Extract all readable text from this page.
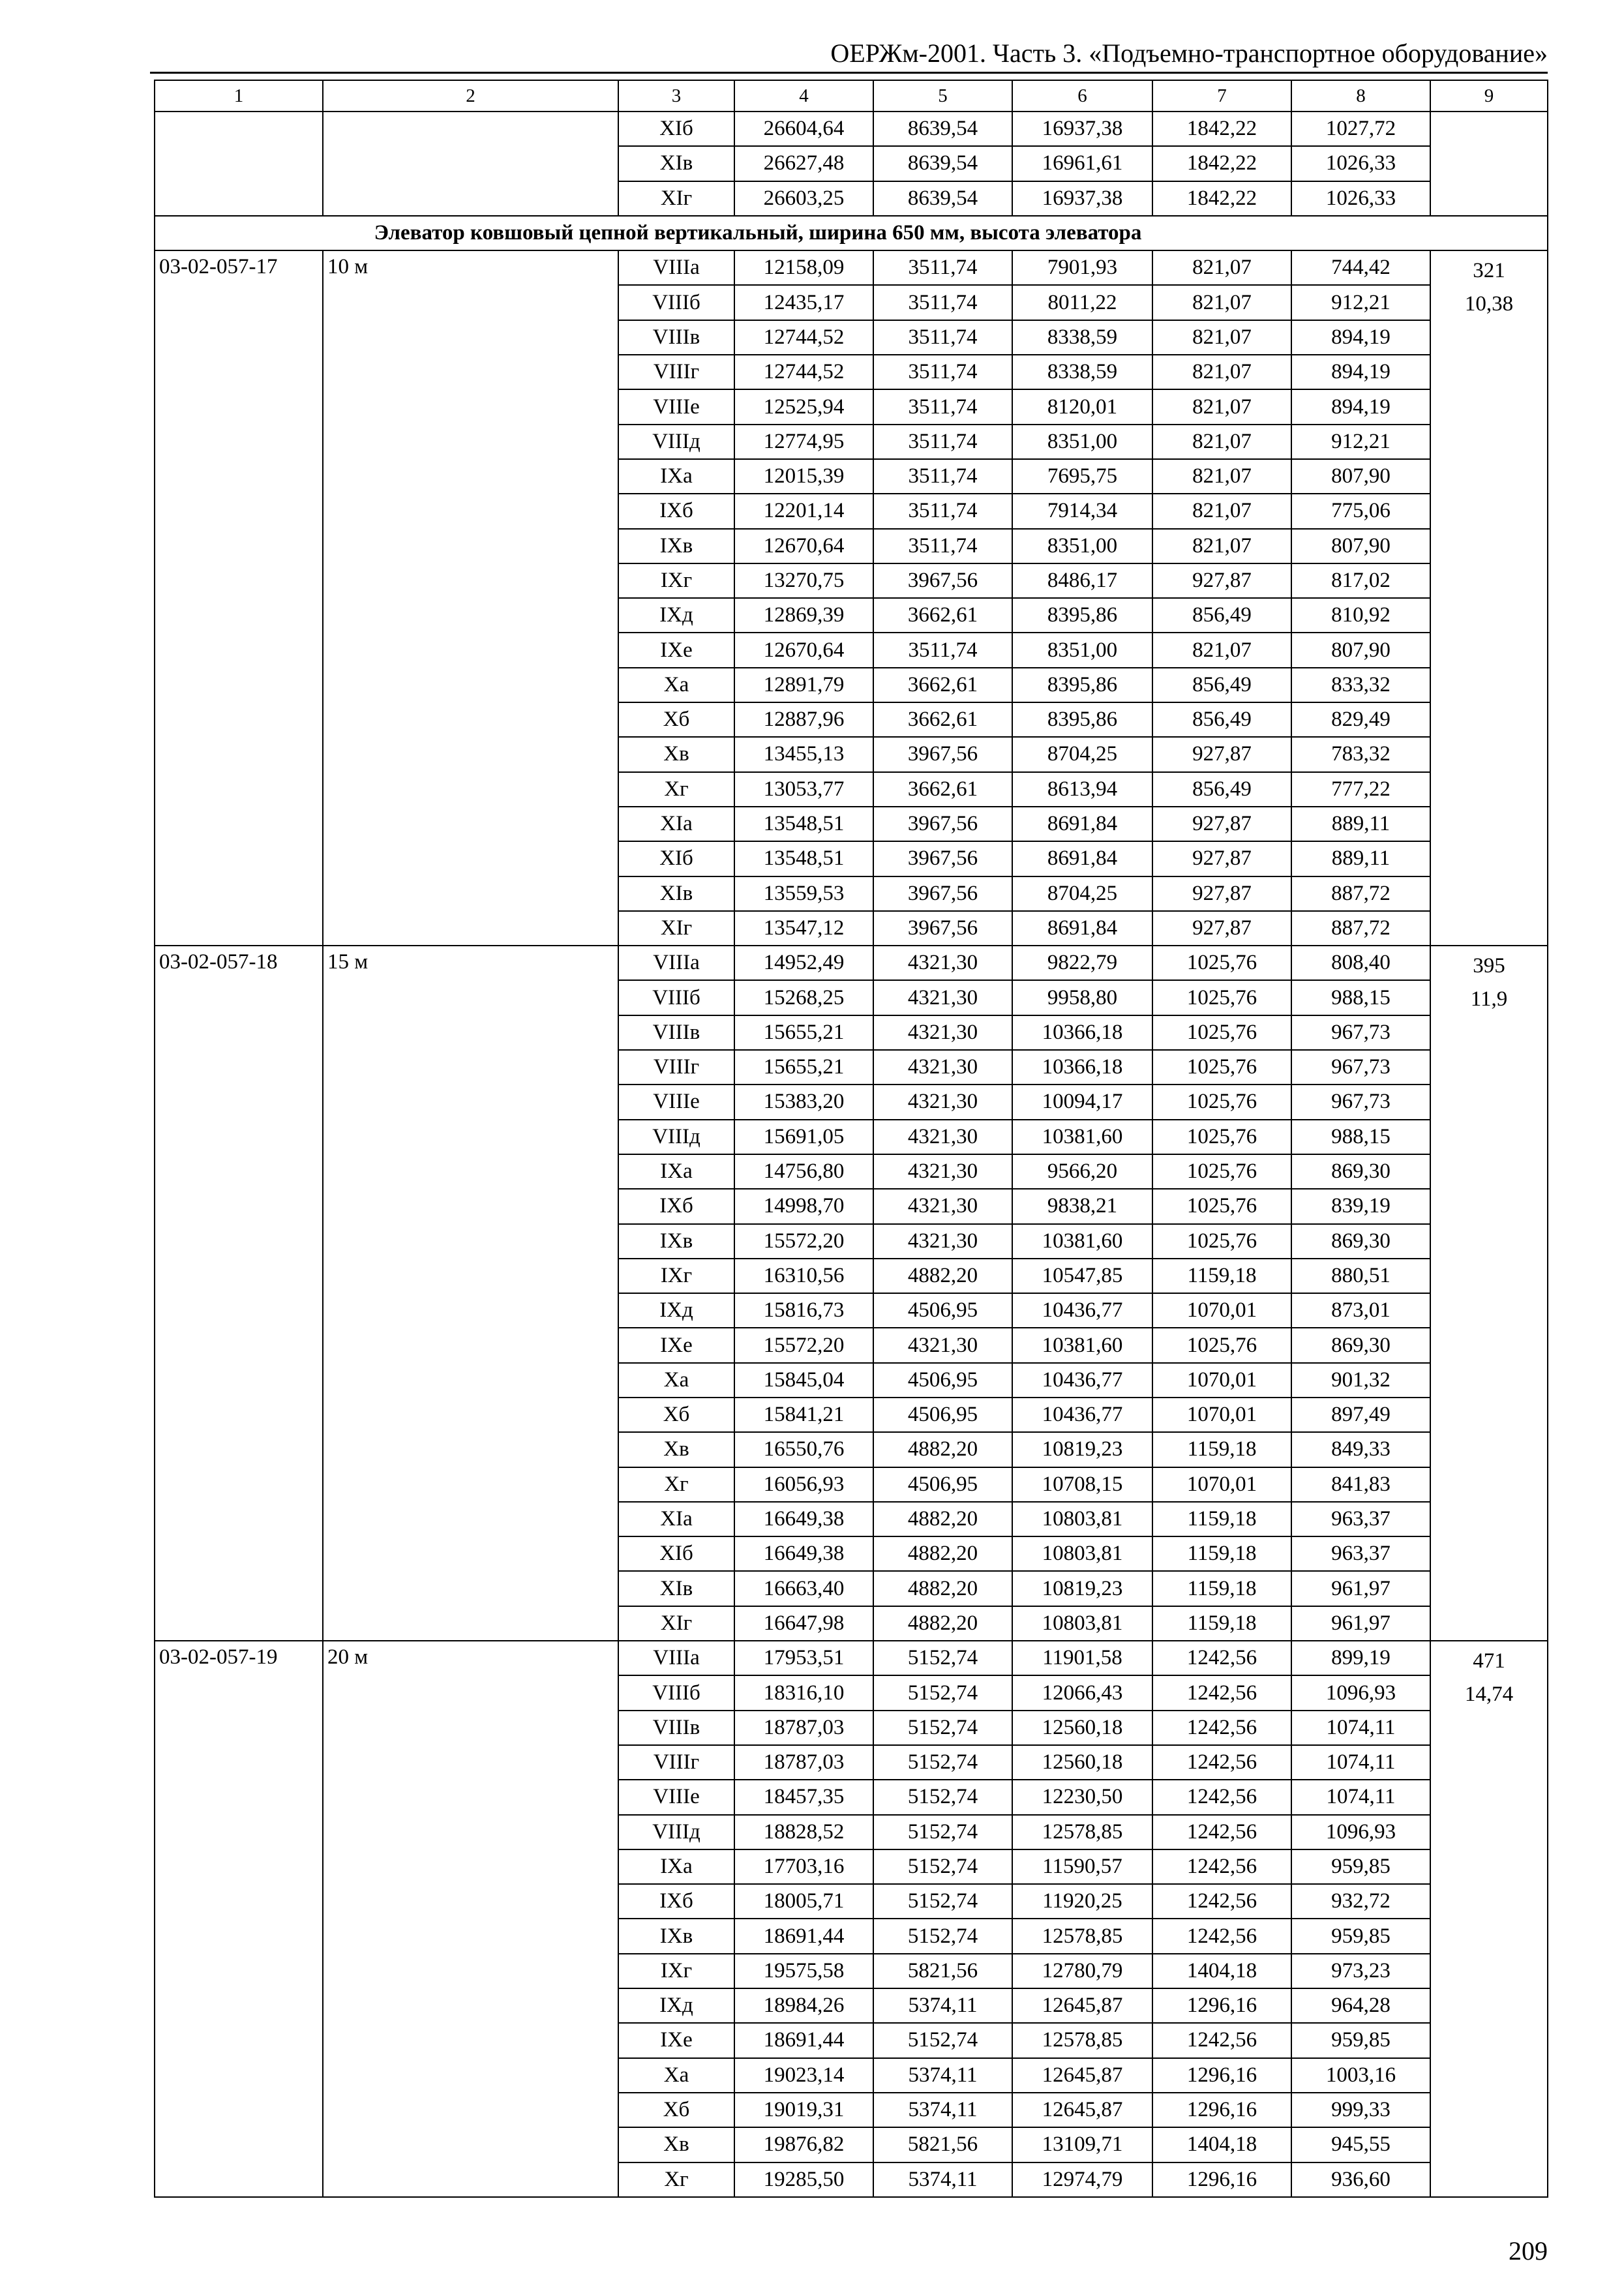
ОЕРЖм-2001. Часть 3. «Подъемно-транспортное оборудование»
1	2	3	4	5	6	7	8	9
		XIб	26604,64	8639,54	16937,38	1842,22	1027,72	
		XIв	26627,48	8639,54	16961,61	1842,22	1026,33	
		XIг	26603,25	8639,54	16937,38	1842,22	1026,33	
Элеватор ковшовый цепной вертикальный, ширина 650 мм, высота элеватора								
03-02-057-17	10 м	VIIIа	12158,09	3511,74	7901,93	821,07	744,42	321
10,38

		VIIIб	12435,17	3511,74	8011,22	821,07	912,21	
		VIIIв	12744,52	3511,74	8338,59	821,07	894,19	
		VIIIг	12744,52	3511,74	8338,59	821,07	894,19	
		VIIIе	12525,94	3511,74	8120,01	821,07	894,19	
		VIIIд	12774,95	3511,74	8351,00	821,07	912,21	
		IXа	12015,39	3511,74	7695,75	821,07	807,90	
		IXб	12201,14	3511,74	7914,34	821,07	775,06	
		IXв	12670,64	3511,74	8351,00	821,07	807,90	
		IXг	13270,75	3967,56	8486,17	927,87	817,02	
		IXд	12869,39	3662,61	8395,86	856,49	810,92	
		IXе	12670,64	3511,74	8351,00	821,07	807,90	
		Xа	12891,79	3662,61	8395,86	856,49	833,32	
		Xб	12887,96	3662,61	8395,86	856,49	829,49	
		Xв	13455,13	3967,56	8704,25	927,87	783,32	
		Xг	13053,77	3662,61	8613,94	856,49	777,22	
		XIа	13548,51	3967,56	8691,84	927,87	889,11	
		XIб	13548,51	3967,56	8691,84	927,87	889,11	
		XIв	13559,53	3967,56	8704,25	927,87	887,72	
		XIг	13547,12	3967,56	8691,84	927,87	887,72	
03-02-057-18	15 м	VIIIа	14952,49	4321,30	9822,79	1025,76	808,40	395
11,9

		VIIIб	15268,25	4321,30	9958,80	1025,76	988,15	
		VIIIв	15655,21	4321,30	10366,18	1025,76	967,73	
		VIIIг	15655,21	4321,30	10366,18	1025,76	967,73	
		VIIIе	15383,20	4321,30	10094,17	1025,76	967,73	
		VIIIд	15691,05	4321,30	10381,60	1025,76	988,15	
		IXа	14756,80	4321,30	9566,20	1025,76	869,30	
		IXб	14998,70	4321,30	9838,21	1025,76	839,19	
		IXв	15572,20	4321,30	10381,60	1025,76	869,30	
		IXг	16310,56	4882,20	10547,85	1159,18	880,51	
		IXд	15816,73	4506,95	10436,77	1070,01	873,01	
		IXе	15572,20	4321,30	10381,60	1025,76	869,30	
		Xа	15845,04	4506,95	10436,77	1070,01	901,32	
		Xб	15841,21	4506,95	10436,77	1070,01	897,49	
		Xв	16550,76	4882,20	10819,23	1159,18	849,33	
		Xг	16056,93	4506,95	10708,15	1070,01	841,83	
		XIа	16649,38	4882,20	10803,81	1159,18	963,37	
		XIб	16649,38	4882,20	10803,81	1159,18	963,37	
		XIв	16663,40	4882,20	10819,23	1159,18	961,97	
		XIг	16647,98	4882,20	10803,81	1159,18	961,97	
03-02-057-19	20 м	VIIIа	17953,51	5152,74	11901,58	1242,56	899,19	471
14,74

		VIIIб	18316,10	5152,74	12066,43	1242,56	1096,93	
		VIIIв	18787,03	5152,74	12560,18	1242,56	1074,11	
		VIIIг	18787,03	5152,74	12560,18	1242,56	1074,11	
		VIIIе	18457,35	5152,74	12230,50	1242,56	1074,11	
		VIIIд	18828,52	5152,74	12578,85	1242,56	1096,93	
		IXа	17703,16	5152,74	11590,57	1242,56	959,85	
		IXб	18005,71	5152,74	11920,25	1242,56	932,72	
		IXв	18691,44	5152,74	12578,85	1242,56	959,85	
		IXг	19575,58	5821,56	12780,79	1404,18	973,23	
		IXд	18984,26	5374,11	12645,87	1296,16	964,28	
		IXе	18691,44	5152,74	12578,85	1242,56	959,85	
		Xа	19023,14	5374,11	12645,87	1296,16	1003,16	
		Xб	19019,31	5374,11	12645,87	1296,16	999,33	
		Xв	19876,82	5821,56	13109,71	1404,18	945,55	
		Xг	19285,50	5374,11	12974,79	1296,16	936,60	
209
